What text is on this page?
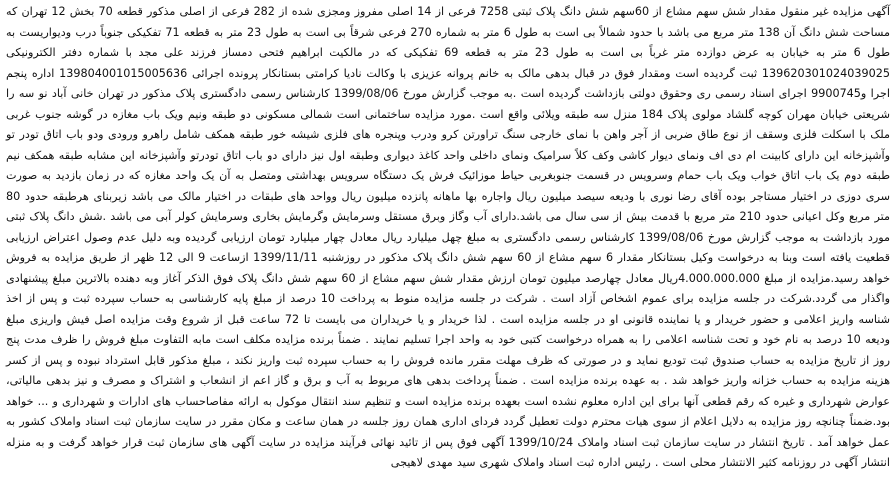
آگهی مزایده غیر منقول مقدار شش سهم مشاع از 60سهم شش دانگ پلاک ثبتی 7258 فرعی از 14 اصلی مفروز ومجزی شده از 282 فرعی از اصلی مذکور قطعه 70 بخش 12 تهران که مساحت شش دانگ آن 138 متر مربع می باشد با حدود شمالاً بی است به طول 6 متر به شماره 270 فرعی شرقاً بی است به طول 23 متر به قطعه 71 تفکیکی جنوباً درب ودیواریست به طول 6 متر به خیابان به عرض دوازده متر غرباً بی است به طول 23 متر به قطعه 69 تفکیکی که در مالکیت ابراهیم فتحی دمساز فرزند علی مجد با شماره دفتر الکترونیکی 139620301024039025 ثبت گردیده است ومقدار فوق در قبال بدهی مالک به خانم پروانه عزیزی با وکالت نادیا کرامتی بستانکار پرونده اجرائی 139804001015005636 اداره پنجم اجرا و9900745 اجرای اسناد رسمی ری وحقوق دولتی بازداشت گردیده است .به موجب گزارش مورخ 1399/08/06 کارشناس رسمی دادگستری پلاک مذکور در تهران خانی آباد نو سه را شریعتی خیابان مهران کوچه گلشاد مولوی پلاک 184 منزل سه طبقه ویلائی واقع است .مورد مزایده ساختمانی است شمالی مسکونی دو طبقه ونیم ویک باب مغازه در گوشه جنوب غربی ملک با اسکلت فلزی وسقف از نوع طاق ضربی از آجر واهن با نمای خارجی سنگ تراورتن کرو ودرب وپنجره های فلزی شیشه خور طبقه همکف شامل راهرو ورودی ودو باب اتاق تودر تو وآشپزخانه این دارای کابینت ام دی اف ونمای دیوار کاشی وکف کلاً سرامیک ونمای داخلی واحد کاغذ دیواری وطبقه اول نیز دارای دو باب اتاق تودرتو وآشپزخانه این مشابه طبقه همکف نیم طبقه دوم یک باب اتاق خواب ویک باب حمام وسرویس در قسمت جنوبغربی حیاط موزائیک فرش یک دستگاه سرویس بهداشتی ومتصل به آن یک واحد مغازه که در زمان بازدید به صورت سری دوزی در اختیار مستاجر بوده آقای رضا نوری با ودیعه سیصد میلیون ریال واجاره بها ماهانه پانزده میلیون ریال وواحد های طبقات در اختیار مالک می باشد زیربنای هرطبقه حدود 80 متر مربع وکل اعیانی حدود 210 متر مربع با قدمت بیش از سی سال می باشد.دارای آب وگاز وبرق مستقل وسرمایش وگرمایش بخاری وسرمایش کولر آبی می باشد .شش دانگ پلاک ثبتی مورد بازداشت به موجب گزارش مورخ 1399/08/06 کارشناس رسمی دادگستری به مبلغ چهل میلیارد ریال معادل چهار میلیارد تومان ارزیابی گردیده وبه دلیل عدم وصول اعتراض ارزیابی قطعیت یافته است وبنا به درخواست وکیل بستانکار مقدار 6 سهم مشاع از 60 سهم شش دانگ پلاک مذکور در روزشنبه 1399/11/11 ازساعت 9 الی 12 ظهر از طریق مزایده به فروش خواهد رسید.مزایده از مبلغ 4.000.000.000ریال معادل چهارصد میلیون تومان ارزش مقدار شش سهم مشاع از 60 سهم شش دانگ پلاک فوق الذکر آغاز وبه دهنده بالاترین مبلغ پیشنهادی واگذار می گردد.شرکت در جلسه مزایده برای عموم اشخاص آزاد است . شرکت در جلسه مزایده منوط به پرداخت 10 درصد از مبلغ پایه کارشناسی به حساب سپرده ثبت و پس از اخذ شناسه واریز اعلامی و حضور خریدار و یا نماینده قانونی او در جلسه مزایده است . لذا خریدار و یا خریداران می بایست تا 72 ساعت قبل از شروع وقت مزایده اصل فیش واریزی مبلغ ودیعه 10 درصد به نام خود و تحت شناسه اعلامی را به همراه درخواست کتبی خود به واحد اجرا تسلیم نمایند . ضمناً برنده مزایده مکلف است مابه التفاوت مبلغ فروش را ظرف مدت پنج روز از تاریخ مزایده به حساب صندوق ثبت تودیع نماید و در صورتی که ظرف مهلت مقرر مانده فروش را به حساب سپرده ثبت واریز نکند ، مبلغ مذکور قابل استرداد نبوده و پس از کسر هزینه مزایده به حساب خزانه واریز خواهد شد . به عهده برنده مزایده است . ضمناً پرداخت بدهی های مربوط به آب و برق و گاز اعم از انشعاب و اشتراک و مصرف و نیز بدهی مالیاتی، عوارض شهرداری و غیره که رقم قطعی آنها برای این اداره معلوم نشده است بعهده برنده مزایده است و تنظیم سند انتقال موکول به ارائه مفاصاحساب های ادارات و شهرداری و ... خواهد بود.ضمناً چنانچه روز مزایده به دلایل اعلام از سوی هیات محترم دولت تعطیل گردد فردای اداری همان روز جلسه در همان ساعت و مکان مقرر در سایت سازمان ثبت اسناد واملاک کشور به عمل خواهد آمد . تاریخ انتشار در سایت سازمان ثبت اسناد واملاک 1399/10/24 آگهی فوق پس از تائید نهائی فرآیند مزایده در سایت آگهی های سازمان ثبت قرار خواهد گرفت و به منزله انتشار آگهی در روزنامه کثیر الانتشار محلی است . رئیس اداره ثبت اسناد واملاک شهری سید مهدی لاهیجی
